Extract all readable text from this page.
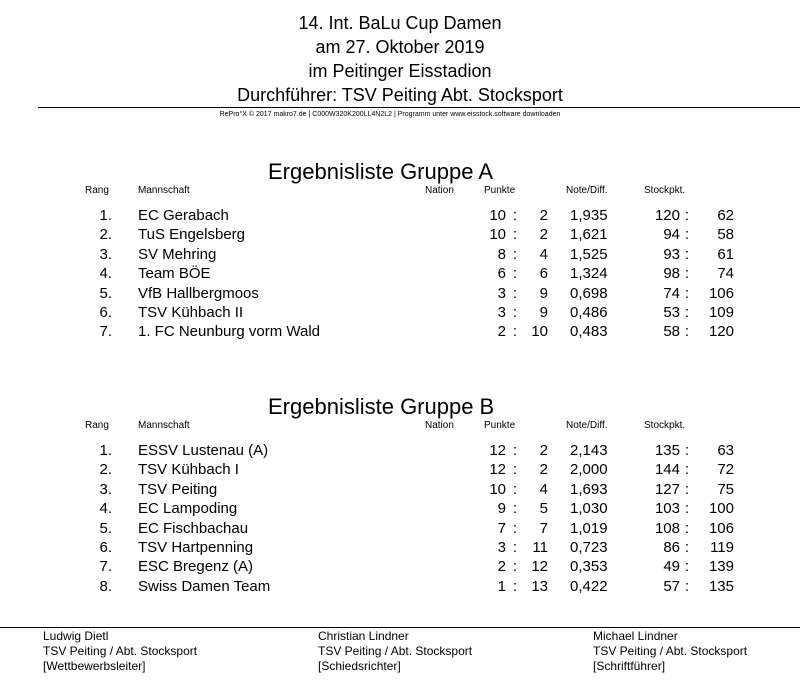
14. Int. BaLu Cup Damen
am 27. Oktober 2019
im Peitinger Eisstadion
Durchführer: TSV Peiting Abt. Stocksport
RePro°X © 2017 makro7.de | C000W320K200LL4N2L2 | Programm unter www.eisstock.software downloaden
Ergebnisliste Gruppe A
Rang	Mannschaft	Nation	Punkte	Note/Diff.	Stockpkt.
1. EC Gerabach	10 :	2 1,935	120 :	62
2. TuS Engelsberg	10 :	2 1,621	94 :	58
3. SV Mehring	8 :	4 1,525	93 :	61
4. Team BÖE	6 :	6 1,324	98 :	74
5. VfB Hallbergmoos	3 :	9 0,698	74 :	106
6. TSV Kühbach II	3 :	9 0,486	53 :	109
7. 1. FC Neunburg vorm Wald	2 : 10 0,483	58 :	120
Ergebnisliste Gruppe B
Rang	Mannschaft	Nation	Punkte	Note/Diff.	Stockpkt.
1. ESSV Lustenau (A)	12 :	2 2,143	135 :	63
2. TSV Kühbach I	12 :	2 2,000	144 :	72
3. TSV Peiting	10 :	4 1,693	127 :	75
4. EC Lampoding	9 :	5 1,030	103 :	100
5. EC Fischbachau	7 :	7 1,019	108 :	106
6. TSV Hartpenning	3 :	11 0,723	86 :	119
7. ESC Bregenz (A)	2 : 12 0,353	49 :	139
8. Swiss Damen Team	1 : 13 0,422	57 :	135
Ludwig Dietl
TSV Peiting / Abt. Stocksport
[Wettbewerbsleiter]
Christian Lindner
TSV Peiting / Abt. Stocksport
[Schiedsrichter]
Michael Lindner
TSV Peiting / Abt. Stocksport
[Schriftführer]
